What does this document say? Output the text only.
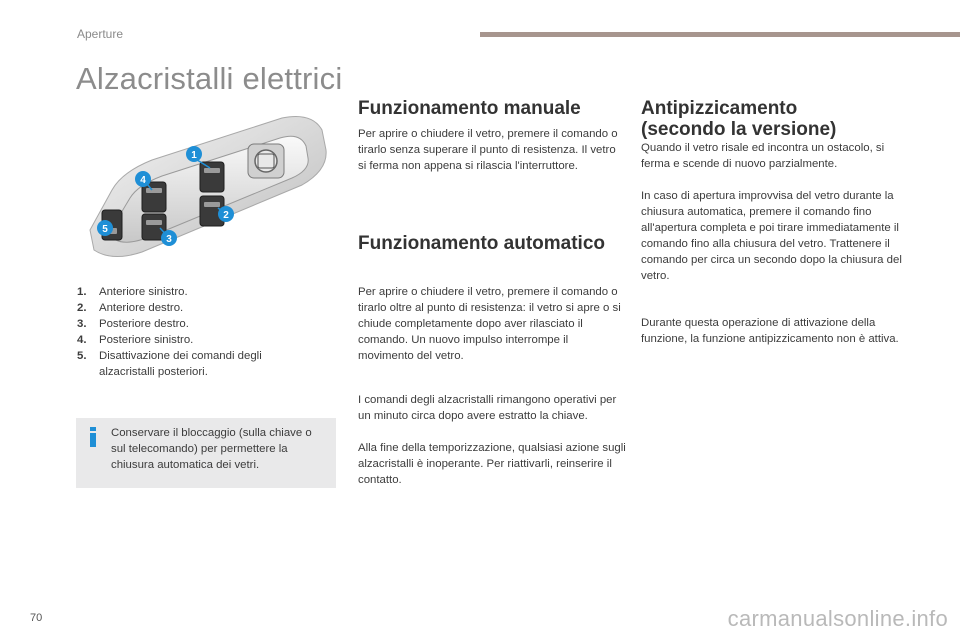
Aperture
Alzacristalli elettrici
1
2
3
4
5
1. Anteriore sinistro.
2. Anteriore destro.
3. Posteriore destro.
4. Posteriore sinistro.
5. Disattivazione dei comandi degli alzacristalli posteriori.
Conservare il bloccaggio (sulla chiave o sul telecomando) per permettere la chiusura automatica dei vetri.
Funzionamento manuale
Per aprire o chiudere il vetro, premere il comando o tirarlo senza superare il punto di resistenza. Il vetro si ferma non appena si rilascia l'interruttore.
Funzionamento automatico
Per aprire o chiudere il vetro, premere il comando o tirarlo oltre al punto di resistenza: il vetro si apre o si chiude completamente dopo aver rilasciato il comando. Un nuovo impulso interrompe il movimento del vetro.
I comandi degli alzacristalli rimangono operativi per un minuto circa dopo avere estratto la chiave.
Alla fine della temporizzazione, qualsiasi azione sugli alzacristalli è inoperante. Per riattivarli, reinserire il contatto.
Antipizzicamento
(secondo la versione)
Quando il vetro risale ed incontra un ostacolo, si ferma e scende di nuovo parzialmente.
In caso di apertura improvvisa del vetro durante la chiusura automatica, premere il comando fino all'apertura completa e poi tirare immediatamente il comando fino alla chiusura del vetro. Trattenere il comando per circa un secondo dopo la chiusura del vetro.
Durante questa operazione di attivazione della funzione, la funzione antipizzicamento non è attiva.
70	carmanualsonline.info
